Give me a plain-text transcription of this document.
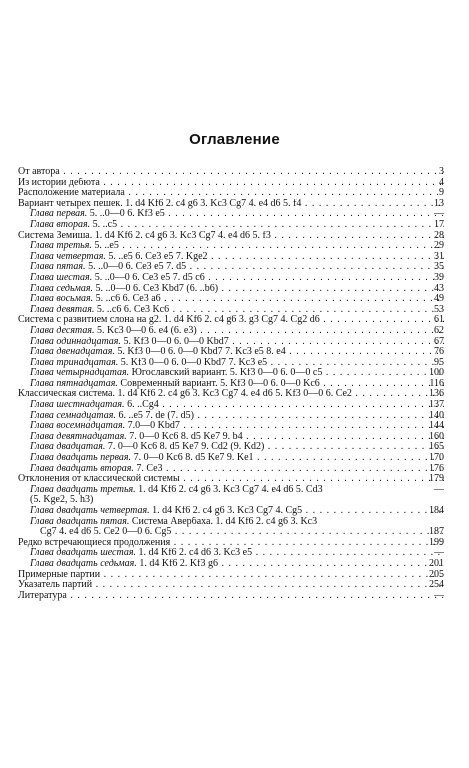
Оглавление
От автора . . .	3
Из истории дебюта . . .	4
Расположение материала . . .	9
Вариант четырех пешек. 1. d4 Kf6 2. c4 g6 3. Kc3 Cg7 4. e4 d6 5. f4 . . .	13
Глава первая. 5. ..0—0 6. Kf3 e5 . . .	—
Глава вторая. 5. ..c5 . . .	17
Система Земиша. 1. d4 Kf6 2. c4 g6 3. Kc3 Cg7 4. e4 d6 5. f3 . . .	28
Глава третья. 5. ..e5 . . .	29
Глава четвертая. 5. ..e5 6. Ce3 e5 7. Kge2 . . .	31
Глава пятая. 5. ..0—0 6. Ce3 e5 7. d5 . . .	35
Глава шестая. 5. ..0—0 6. Ce3 e5 7. d5 c6 . . .	39
Глава седьмая. 5. ..0—0 6. Ce3 Kbd7 (6. ..b6) . . .	43
Глава восьмая. 5. ..c6 6. Ce3 a6 . . .	49
Глава девятая. 5. ..c6 6. Ce3 Kc6 . . .	53
Система с развитием слона на g2. 1. d4 Kf6 2. c4 g6 3. g3 Cg7 4. Cg2 d6 . . .	61
Глава десятая. 5. Kc3 0—0 6. e4 (6. e3) . . .	62
Глава одиннадцатая. 5. Kf3 0—0 6. 0—0 Kbd7 . . .	67
Глава двенадцатая. 5. Kf3 0—0 6. 0—0 Kbd7 7. Kc3 e5 8. e4 . . .	76
Глава тринадцатая. 5. Kf3 0—0 6. 0—0 Kbd7 7. Kc3 e5 . . .	95
Глава четырнадцатая. Югославский вариант. 5. Kf3 0—0 6. 0—0 c5 . . .	100
Глава пятнадцатая. Современный вариант. 5. Kf3 0—0 6. 0—0 Kc6 . . .	116
Классическая система. 1. d4 Kf6 2. c4 g6 3. Kc3 Cg7 4. e4 d6 5. Kf3 0—0 6. Ce2 . . .	136
Глава шестнадцатая. 6. ..Cg4 . . .	137
Глава семнадцатая. 6. ..e5 7. de (7. d5) . . .	140
Глава восемнадцатая. 7.0—0 Kbd7 . . .	144
Глава девятнадцатая. 7. 0—0 Kc6 8. d5 Ke7 9. b4 . . .	160
Глава двадцатая. 7. 0—0 Kc6 8. d5 Ke7 9. Cd2 (9. Kd2) . . .	165
Глава двадцать первая. 7. 0—0 Kc6 8. d5 Ke7 9. Ke1 . . .	170
Глава двадцать вторая. 7. Ce3 . . .	176
Отклонения от классической системы . . .	179
Глава двадцать третья. 1. d4 Kf6 2. c4 g6 3. Kc3 Cg7 4. e4 d6 5. Cd3	—
(5. Kge2, 5. h3)
Глава двадцать четвертая. 1. d4 Kf6 2. c4 g6 3. Kc3 Cg7 4. Cg5 . . .	184
Глава двадцать пятая. Система Авербаха. 1. d4 Kf6 2. c4 g6 3. Kc3
Cg7 4. e4 d6 5. Ce2 0—0 6. Cg5 . . .	187
Редко встречающиеся продолжения . . .	199
Глава двадцать шестая. 1. d4 Kf6 2. c4 d6 3. Kc3 e5 . . .	—
Глава двадцать седьмая. 1. d4 Kf6 2. Kf3 g6 . . .	201
Примерные партии . . .	205
Указатель партий . . .	254
Литература . . .	—
